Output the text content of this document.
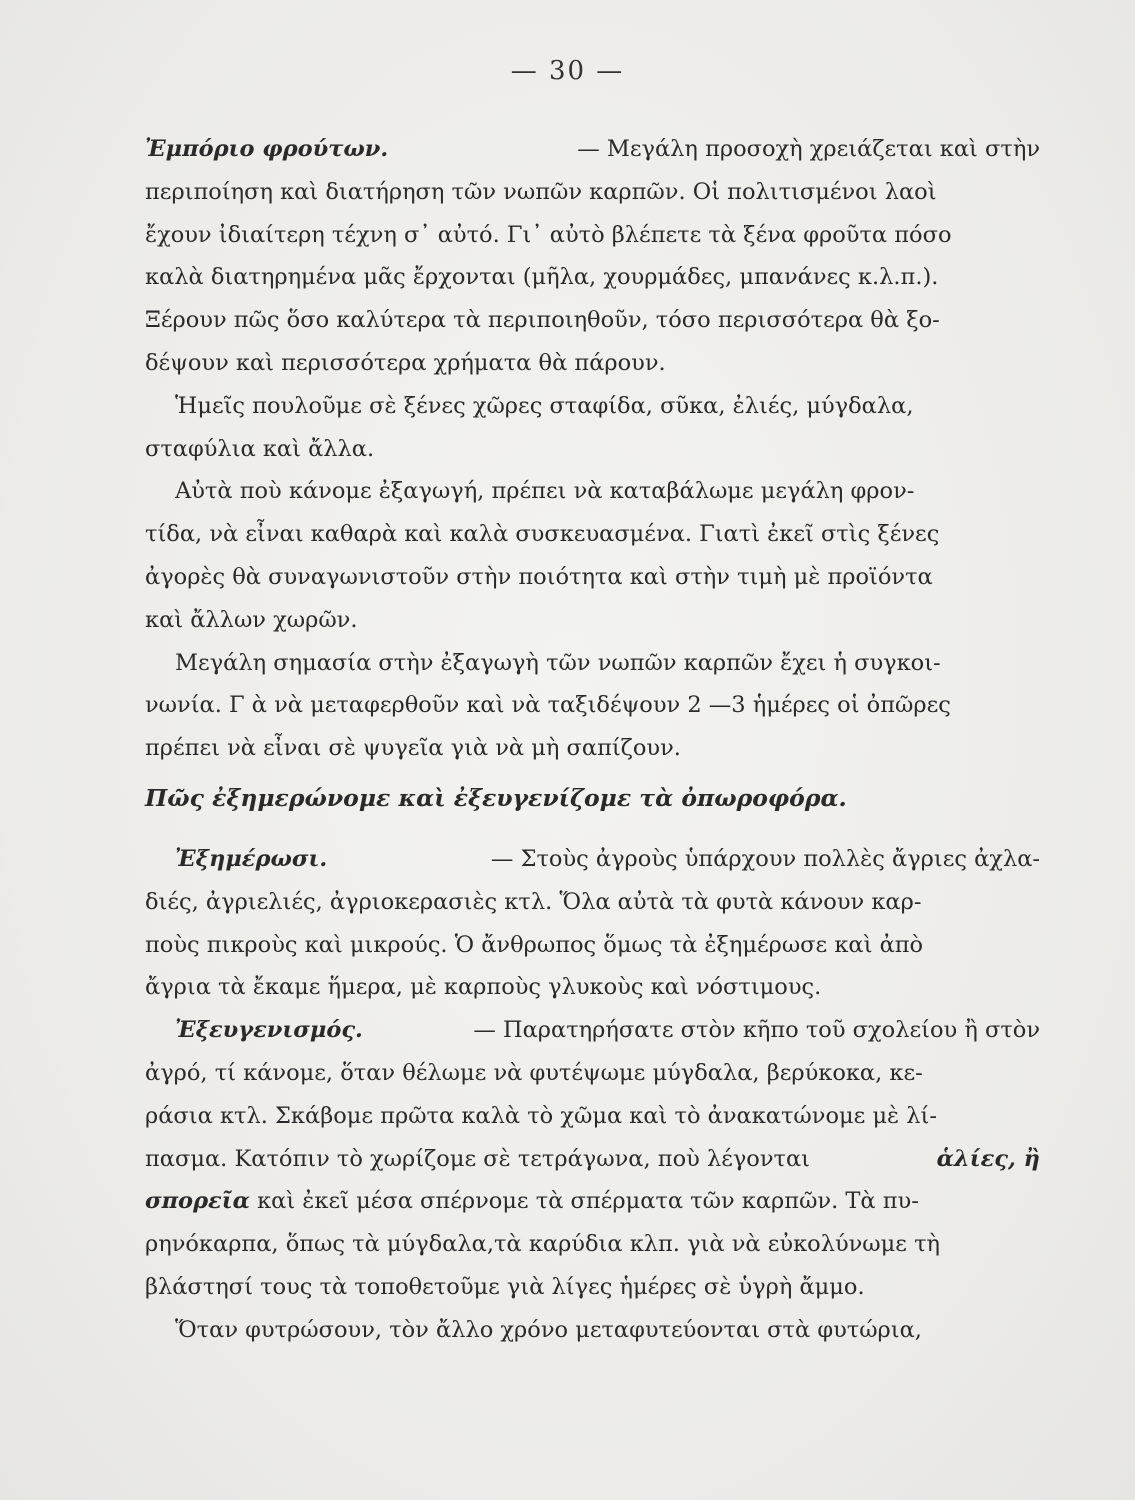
— 30 —
Ἐμπόριο φρούτων.	— Μεγάλη προσοχὴ χρειάζεται καὶ στὴν
περιποίηση καὶ διατήρηση τῶν νωπῶν καρπῶν. Οἱ πολιτισμένοι λαοὶ
ἔχουν ἰδιαίτερη τέχνη σ᾽ αὐτό. Γι᾽ αὐτὸ βλέπετε τὰ ξένα φροῦτα πόσο
καλὰ διατηρημένα μᾶς ἔρχονται (μῆλα, χουρμάδες, μπανάνες κ.λ.π.).
Ξέρουν πῶς ὅσο καλύτερα τὰ περιποιηθοῦν, τόσο περισσότερα θὰ ξο-
δέψουν καὶ περισσότερα χρήματα θὰ πάρουν.
Ἡμεῖς πουλοῦμε σὲ ξένες χῶρες σταφίδα, σῦκα, ἐλιές, μύγδαλα,
σταφύλια καὶ ἄλλα.
Αὐτὰ ποὺ κάνομε ἐξαγωγή, πρέπει νὰ καταβάλωμε μεγάλη φρον-
τίδα, νὰ εἶναι καθαρὰ καὶ καλὰ συσκευασμένα. Γιατὶ ἐκεῖ στὶς ξένες
ἀγορὲς θὰ συναγωνιστοῦν στὴν ποιότητα καὶ στὴν τιμὴ μὲ προϊόντα
καὶ ἄλλων χωρῶν.
Μεγάλη σημασία στὴν ἐξαγωγὴ τῶν νωπῶν καρπῶν ἔχει ἡ συγκοι-
νωνία. Γ ὰ νὰ μεταφερθοῦν καὶ νὰ ταξιδέψουν 2 —3 ἡμέρες οἱ ὀπῶρες
πρέπει νὰ εἶναι σὲ ψυγεῖα γιὰ νὰ μὴ σαπίζουν.
Πῶς ἐξημερώνομε καὶ ἐξευγενίζομε τὰ ὀπωροφόρα.
Ἐξημέρωσι.	— Στοὺς ἀγροὺς ὑπάρχουν πολλὲς ἄγριες ἀχλα-
διές, ἀγριελιές, ἀγριοκερασιὲς κτλ. Ὅλα αὐτὰ τὰ φυτὰ κάνουν καρ-
ποὺς πικροὺς καὶ μικρούς. Ὁ ἄνθρωπος ὅμως τὰ ἐξημέρωσε καὶ ἀπὸ
ἄγρια τὰ ἔκαμε ἥμερα, μὲ καρποὺς γλυκοὺς καὶ νόστιμους.
Ἐξευγενισμός.	— Παρατηρήσατε στὸν κῆπο τοῦ σχολείου ἢ στὸν
ἀγρό, τί κάνομε, ὅταν θέλωμε νὰ φυτέψωμε μύγδαλα, βερύκοκα, κε-
ράσια κτλ. Σκάβομε πρῶτα καλὰ τὸ χῶμα καὶ τὸ ἀνακατώνομε μὲ λί-
πασμα. Κατόπιν τὸ χωρίζομε σὲ τετράγωνα, ποὺ λέγονται	ἁλίες, ἢ
σπορεῖα καὶ ἐκεῖ μέσα σπέρνομε τὰ σπέρματα τῶν καρπῶν. Τὰ πυ-
ρηνόκαρπα, ὅπως τὰ μύγδαλα,τὰ καρύδια κλπ. γιὰ νὰ εὐκολύνωμε τὴ
βλάστησί τους τὰ τοποθετοῦμε γιὰ λίγες ἡμέρες σὲ ὑγρὴ ἄμμο.
Ὅταν φυτρώσουν, τὸν ἄλλο χρόνο μεταφυτεύονται στὰ φυτώρια,
